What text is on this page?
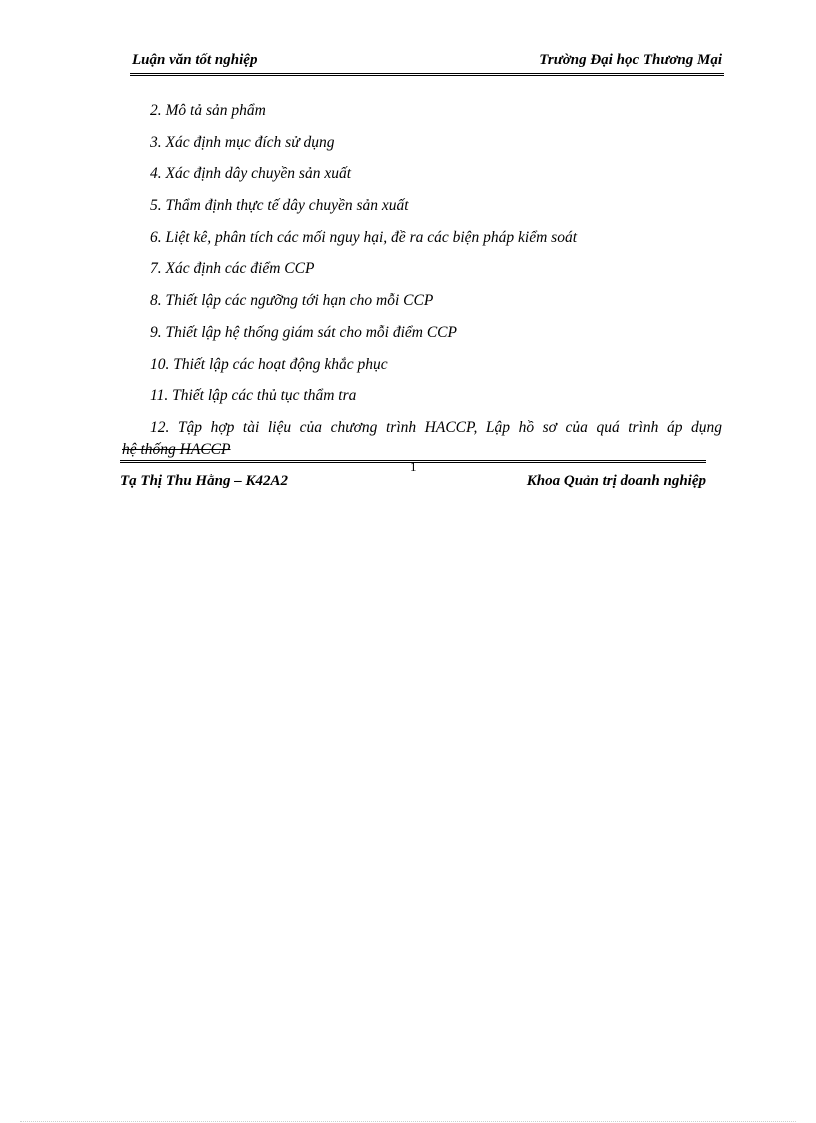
Luận văn tốt nghiệp	Trường Đại học Thương Mại
2. Mô tả sản phẩm
3. Xác định mục đích sử dụng
4. Xác định dây chuyền sản xuất
5. Thẩm định thực tế dây chuyền sản xuất
6. Liệt kê, phân tích các mối nguy hại, đề ra các biện pháp kiểm soát
7. Xác định các điểm CCP
8. Thiết lập các ngưỡng tới hạn cho mỗi CCP
9. Thiết lập hệ thống giám sát cho mỗi điểm CCP
10. Thiết lập các hoạt động khắc phục
11. Thiết lập các thủ tục thẩm tra
12. Tập hợp tài liệu của chương trình HACCP, Lập hồ sơ của quá trình áp dụng
hệ thống HACCP
1
Tạ Thị Thu Hằng – K42A2	Khoa Quản trị doanh nghiệp
